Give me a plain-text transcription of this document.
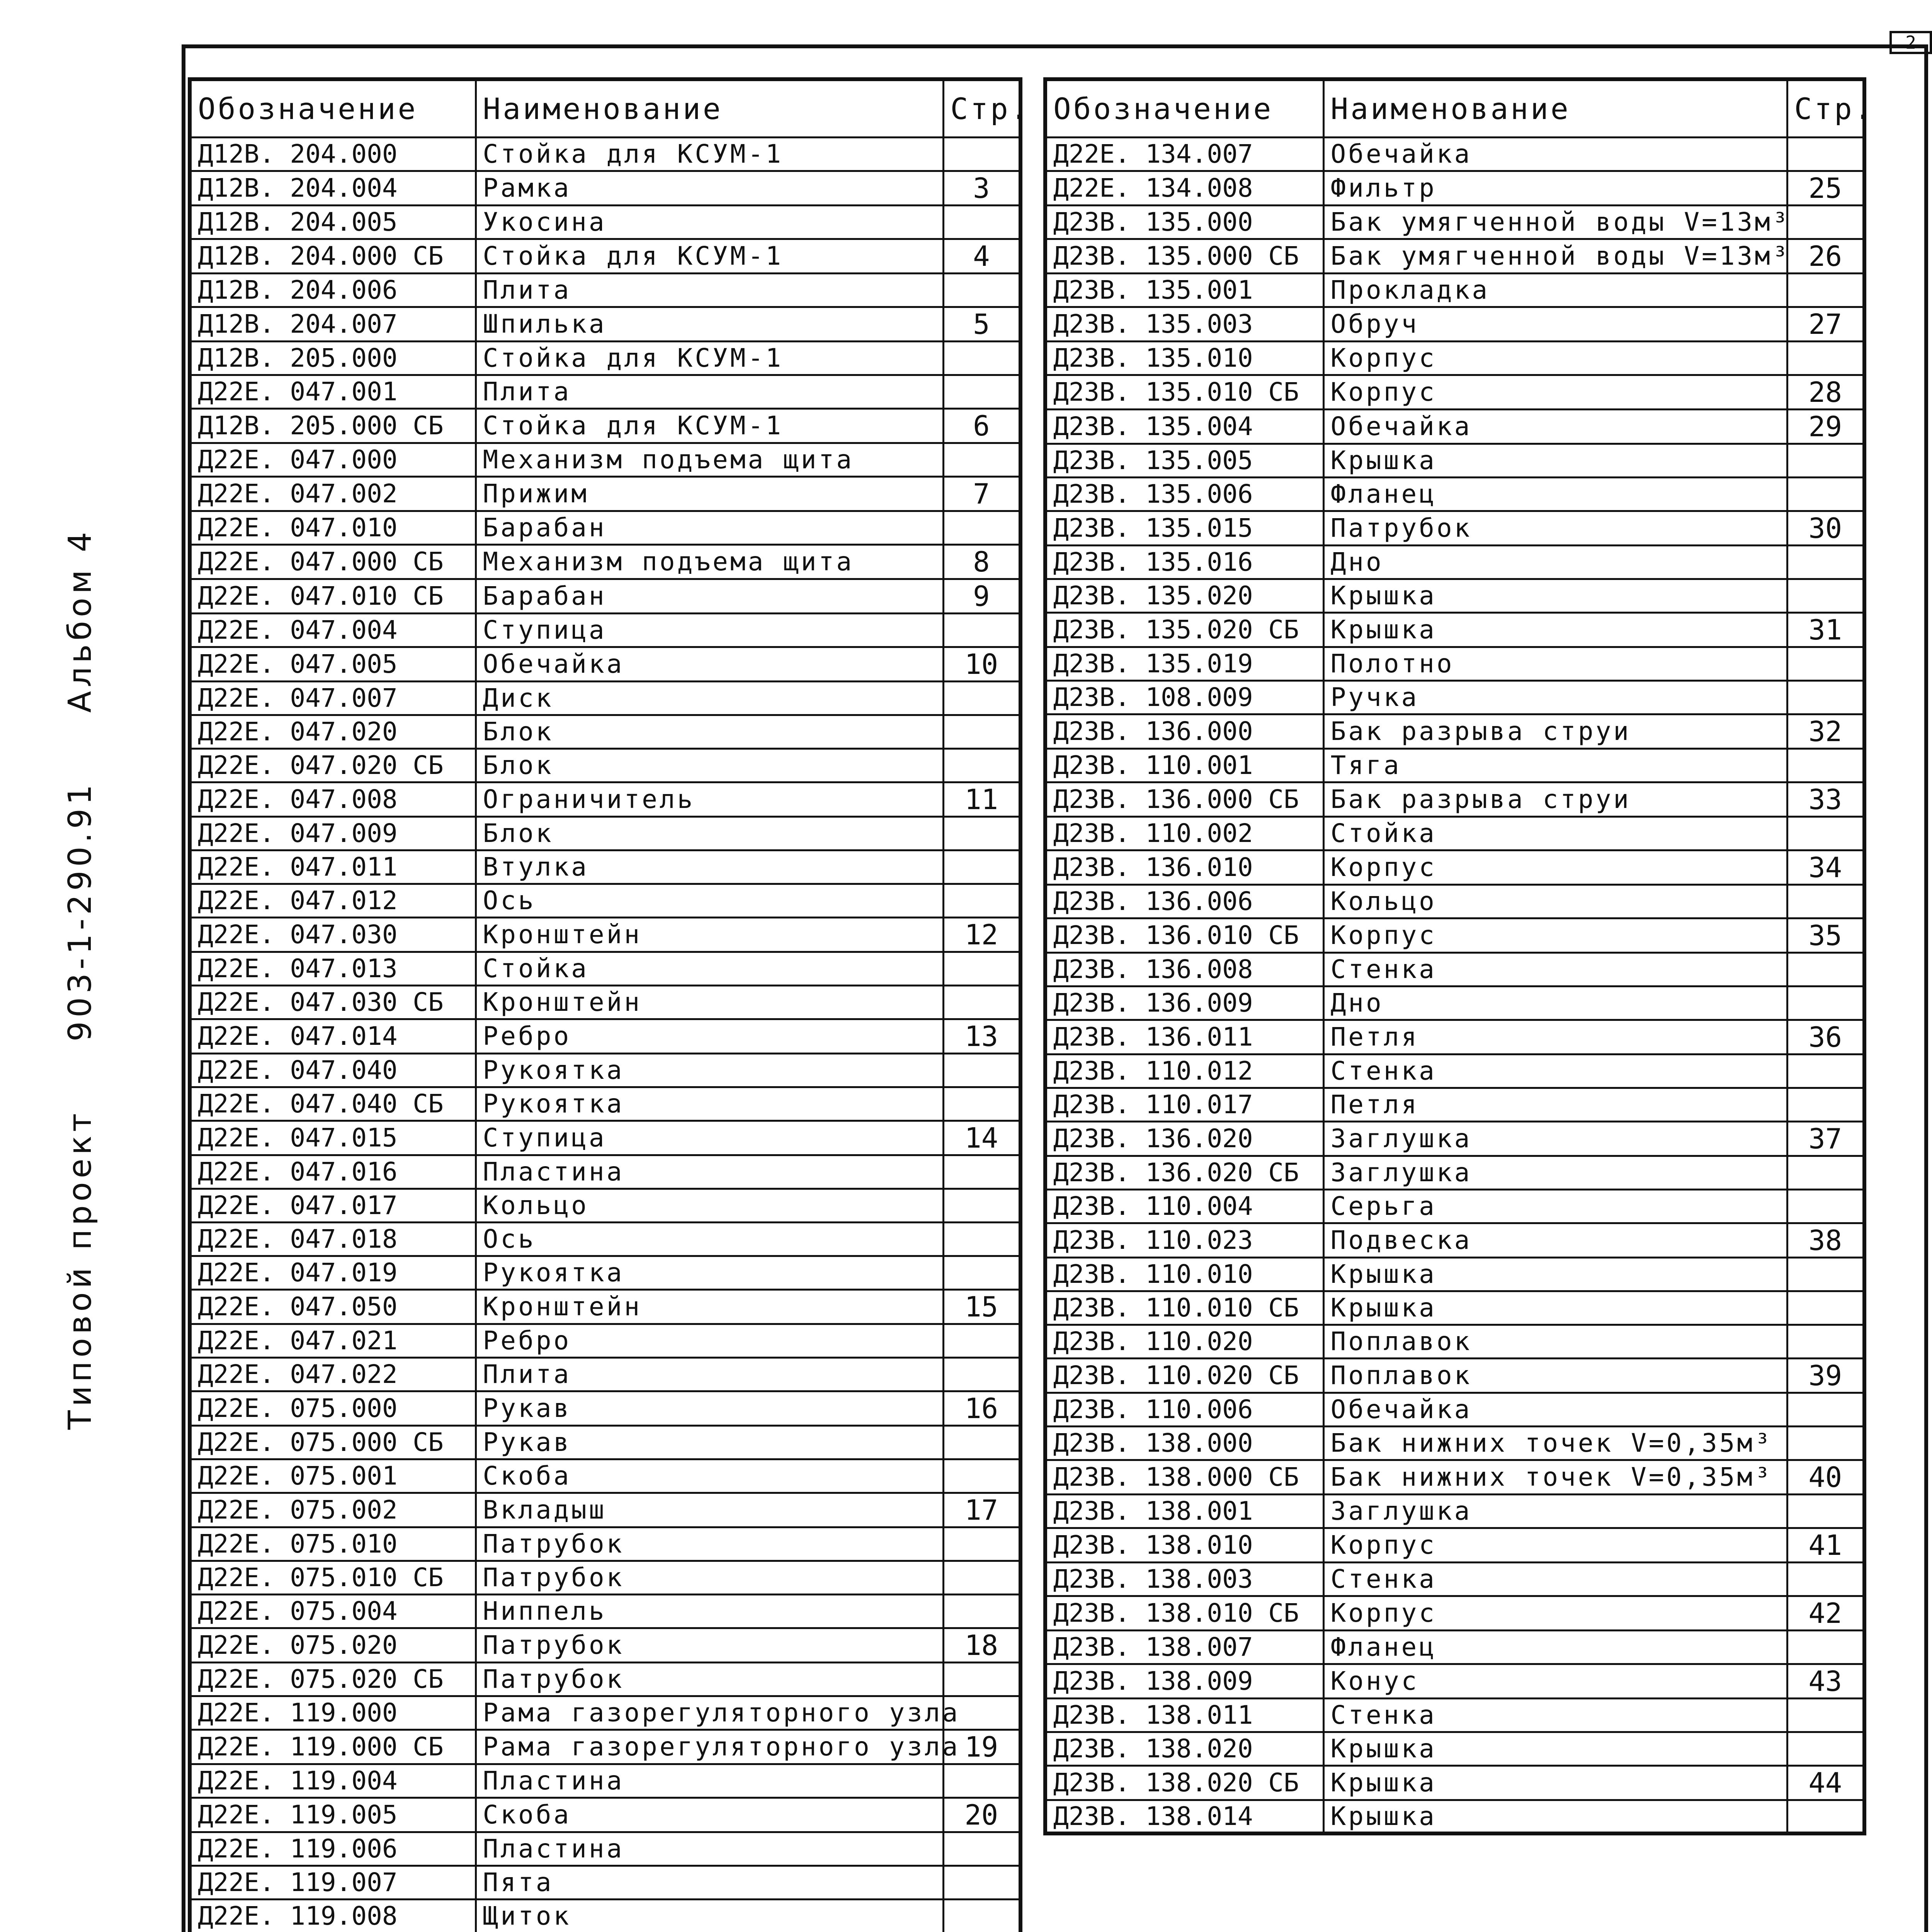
2
Типовой проект 903-1-290.91 Альбом 4
Обозначение	Наименование	Стр.
Д12В. 204.000	Стойка для КСУМ-1	
Д12В. 204.004	Рамка	3
Д12В. 204.005	Укосина	
Д12В. 204.000 СБ	Стойка для КСУМ-1	4
Д12В. 204.006	Плита	
Д12В. 204.007	Шпилька	5
Д12В. 205.000	Стойка для КСУМ-1	
Д22Е. 047.001	Плита	
Д12В. 205.000 СБ	Стойка для КСУМ-1	6
Д22Е. 047.000	Механизм подъема щита	
Д22Е. 047.002	Прижим	7
Д22Е. 047.010	Барабан	
Д22Е. 047.000 СБ	Механизм подъема щита	8
Д22Е. 047.010 СБ	Барабан	9
Д22Е. 047.004	Ступица	
Д22Е. 047.005	Обечайка	10
Д22Е. 047.007	Диск	
Д22Е. 047.020	Блок	
Д22Е. 047.020 СБ	Блок	
Д22Е. 047.008	Ограничитель	11
Д22Е. 047.009	Блок	
Д22Е. 047.011	Втулка	
Д22Е. 047.012	Ось	
Д22Е. 047.030	Кронштейн	12
Д22Е. 047.013	Стойка	
Д22Е. 047.030 СБ	Кронштейн	
Д22Е. 047.014	Ребро	13
Д22Е. 047.040	Рукоятка	
Д22Е. 047.040 СБ	Рукоятка	
Д22Е. 047.015	Ступица	14
Д22Е. 047.016	Пластина	
Д22Е. 047.017	Кольцо	
Д22Е. 047.018	Ось	
Д22Е. 047.019	Рукоятка	
Д22Е. 047.050	Кронштейн	15
Д22Е. 047.021	Ребро	
Д22Е. 047.022	Плита	
Д22Е. 075.000	Рукав	16
Д22Е. 075.000 СБ	Рукав	
Д22Е. 075.001	Скоба	
Д22Е. 075.002	Вкладыш	17
Д22Е. 075.010	Патрубок	
Д22Е. 075.010 СБ	Патрубок	
Д22Е. 075.004	Ниппель	
Д22Е. 075.020	Патрубок	18
Д22Е. 075.020 СБ	Патрубок	
Д22Е. 119.000	Рама газорегуляторного узла	
Д22Е. 119.000 СБ	Рама газорегуляторного узла	19
Д22Е. 119.004	Пластина	
Д22Е. 119.005	Скоба	20
Д22Е. 119.006	Пластина	
Д22Е. 119.007	Пята	
Д22Е. 119.008	Щиток	

Обозначение	Наименование	Стр.
Д22Е. 134.007	Обечайка	
Д22Е. 134.008	Фильтр	25
Д23В. 135.000	Бак умягченной воды V=13м³	
Д23В. 135.000 СБ	Бак умягченной воды V=13м³	26
Д23В. 135.001	Прокладка	
Д23В. 135.003	Обруч	27
Д23В. 135.010	Корпус	
Д23В. 135.010 СБ	Корпус	28
Д23В. 135.004	Обечайка	29
Д23В. 135.005	Крышка	
Д23В. 135.006	Фланец	
Д23В. 135.015	Патрубок	30
Д23В. 135.016	Дно	
Д23В. 135.020	Крышка	
Д23В. 135.020 СБ	Крышка	31
Д23В. 135.019	Полотно	
Д23В. 108.009	Ручка	
Д23В. 136.000	Бак разрыва струи	32
Д23В. 110.001	Тяга	
Д23В. 136.000 СБ	Бак разрыва струи	33
Д23В. 110.002	Стойка	
Д23В. 136.010	Корпус	34
Д23В. 136.006	Кольцо	
Д23В. 136.010 СБ	Корпус	35
Д23В. 136.008	Стенка	
Д23В. 136.009	Дно	
Д23В. 136.011	Петля	36
Д23В. 110.012	Стенка	
Д23В. 110.017	Петля	
Д23В. 136.020	Заглушка	37
Д23В. 136.020 СБ	Заглушка	
Д23В. 110.004	Серьга	
Д23В. 110.023	Подвеска	38
Д23В. 110.010	Крышка	
Д23В. 110.010 СБ	Крышка	
Д23В. 110.020	Поплавок	
Д23В. 110.020 СБ	Поплавок	39
Д23В. 110.006	Обечайка	
Д23В. 138.000	Бак нижних точек V=0,35м³	
Д23В. 138.000 СБ	Бак нижних точек V=0,35м³	40
Д23В. 138.001	Заглушка	
Д23В. 138.010	Корпус	41
Д23В. 138.003	Стенка	
Д23В. 138.010 СБ	Корпус	42
Д23В. 138.007	Фланец	
Д23В. 138.009	Конус	43
Д23В. 138.011	Стенка	
Д23В. 138.020	Крышка	
Д23В. 138.020 СБ	Крышка	44
Д23В. 138.014	Крышка	
